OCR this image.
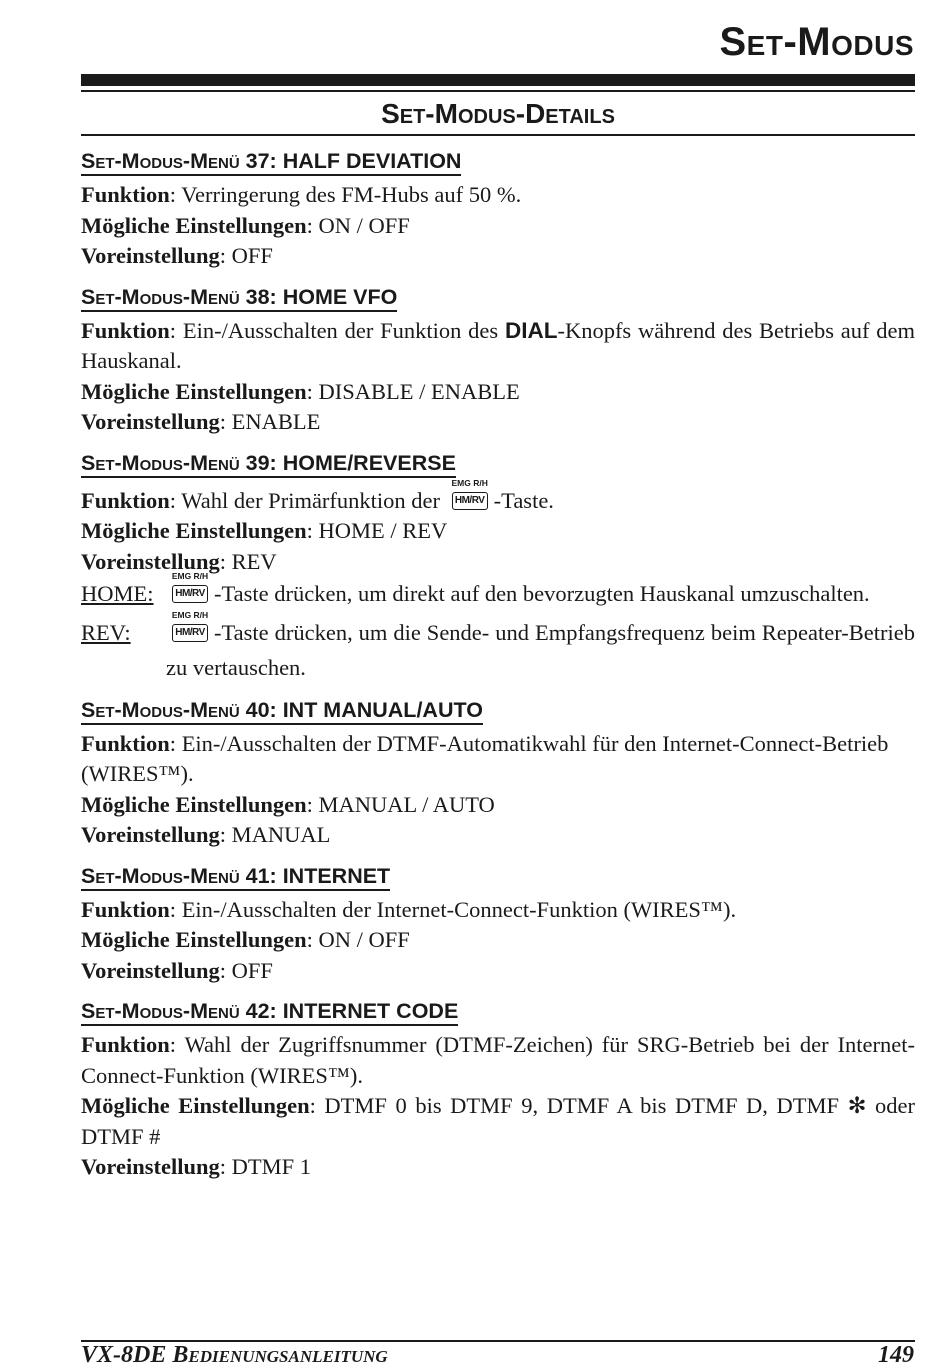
Set-Modus
Set-Modus-Details
Set-Modus-Menü 37: HALF DEVIATION

Funktion: Verringerung des FM-Hubs auf 50 %.

Mögliche Einstellungen: ON / OFF

Voreinstellung: OFF

Set-Modus-Menü 38: HOME VFO

Funktion: Ein-/Ausschalten der Funktion des DIAL-Knopfs während des Betriebs auf dem Hauskanal.

Mögliche Einstellungen: DISABLE / ENABLE

Voreinstellung: ENABLE

Set-Modus-Menü 39: HOME/REVERSE

Funktion: Wahl der Primärfunktion der
EMG R/H
HM/RV -Taste.

Mögliche Einstellungen: HOME / REV

Voreinstellung: REV

HOME:
EMG R/H
HM/RV -Taste drücken, um direkt auf den bevorzugten Hauskanal umzuschalten.
REV:
EMG R/H
HM/RV -Taste drücken, um die Sende- und Empfangsfrequenz beim Repeater-Betrieb zu vertauschen.
Set-Modus-Menü 40: INT MANUAL/AUTO

Funktion: Ein-/Ausschalten der DTMF-Automatikwahl für den Internet-Connect-Betrieb (WIRES™).

Mögliche Einstellungen: MANUAL / AUTO

Voreinstellung: MANUAL

Set-Modus-Menü 41: INTERNET

Funktion: Ein-/Ausschalten der Internet-Connect-Funktion (WIRES™).

Mögliche Einstellungen: ON / OFF

Voreinstellung: OFF

Set-Modus-Menü 42: INTERNET CODE

Funktion: Wahl der Zugriffsnummer (DTMF-Zeichen) für SRG-Betrieb bei der Internet-Connect-Funktion (WIRES™).

Mögliche Einstellungen: DTMF 0 bis DTMF 9, DTMF A bis DTMF D, DTMF ✻ oder DTMF #

Voreinstellung: DTMF 1

VX-8DE Bedienungsanleitung	149
